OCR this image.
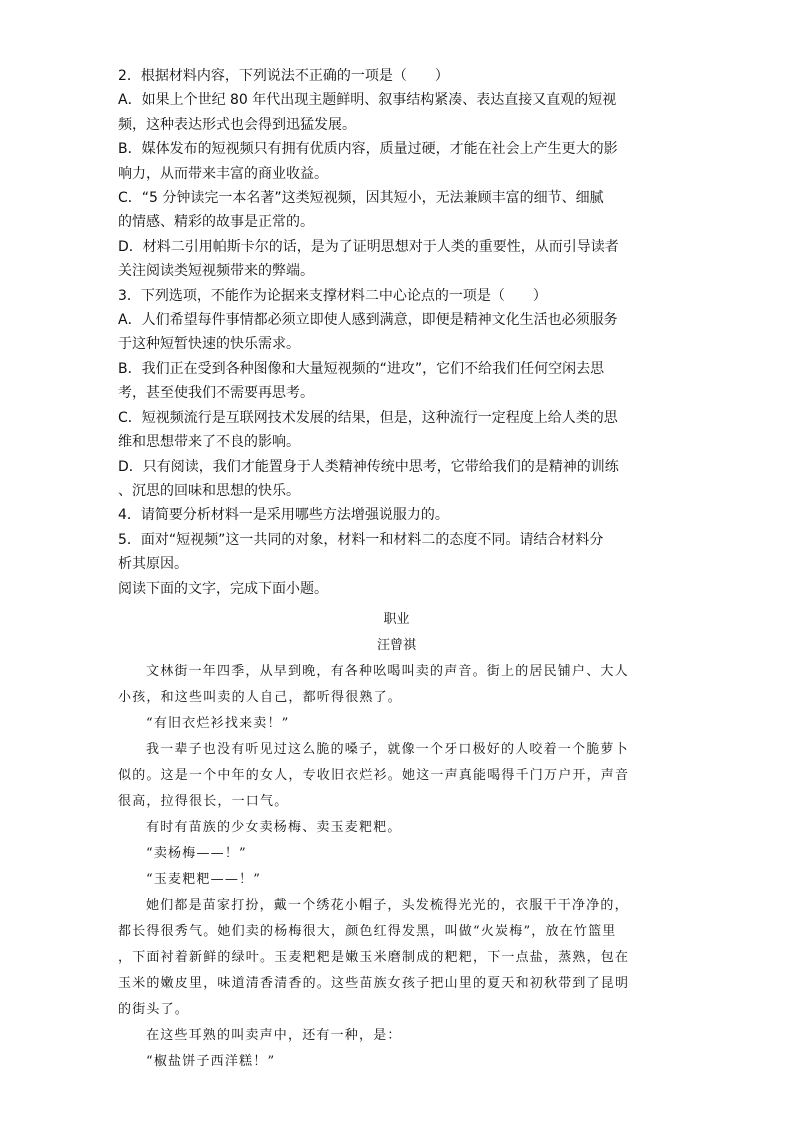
2．根据材料内容，下列说法不正确的一项是（　　）

A．如果上个世纪 80 年代出现主题鲜明、叙事结构紧凑、表达直接又直观的短视

频，这种表达形式也会得到迅猛发展。

B．媒体发布的短视频只有拥有优质内容，质量过硬，才能在社会上产生更大的影

响力，从而带来丰富的商业收益。

C．“5 分钟读完一本名著”这类短视频，因其短小，无法兼顾丰富的细节、细腻

的情感、精彩的故事是正常的。

D．材料二引用帕斯卡尔的话，是为了证明思想对于人类的重要性，从而引导读者

关注阅读类短视频带来的弊端。

3．下列选项，不能作为论据来支撑材料二中心论点的一项是（　　）

A．人们希望每件事情都必须立即使人感到满意，即便是精神文化生活也必须服务

于这种短暂快速的快乐需求。

B．我们正在受到各种图像和大量短视频的“进攻”，它们不给我们任何空闲去思

考，甚至使我们不需要再思考。

C．短视频流行是互联网技术发展的结果，但是，这种流行一定程度上给人类的思

维和思想带来了不良的影响。

D．只有阅读，我们才能置身于人类精神传统中思考，它带给我们的是精神的训练

、沉思的回味和思想的快乐。

4．请简要分析材料一是采用哪些方法增强说服力的。

5．面对“短视频”这一共同的对象，材料一和材料二的态度不同。请结合材料分

析其原因。

阅读下面的文字，完成下面小题。

职业

汪曾祺

文林街一年四季，从早到晚，有各种吆喝叫卖的声音。街上的居民铺户、大人

小孩，和这些叫卖的人自己，都听得很熟了。

“有旧衣烂衫找来卖！”

我一辈子也没有听见过这么脆的嗓子，就像一个牙口极好的人咬着一个脆萝卜

似的。这是一个中年的女人，专收旧衣烂衫。她这一声真能喝得千门万户开，声音

很高，拉得很长，一口气。

有时有苗族的少女卖杨梅、卖玉麦粑粑。

“卖杨梅——！”

“玉麦粑粑——！”

她们都是苗家打扮，戴一个绣花小帽子，头发梳得光光的，衣服干干净净的，

都长得很秀气。她们卖的杨梅很大，颜色红得发黑，叫做“火炭梅”，放在竹篮里

，下面衬着新鲜的绿叶。玉麦粑粑是嫩玉米磨制成的粑粑，下一点盐，蒸熟，包在

玉米的嫩皮里，味道清香清香的。这些苗族女孩子把山里的夏天和初秋带到了昆明

的街头了。

在这些耳熟的叫卖声中，还有一种，是：

“椒盐饼子西洋糕！”
